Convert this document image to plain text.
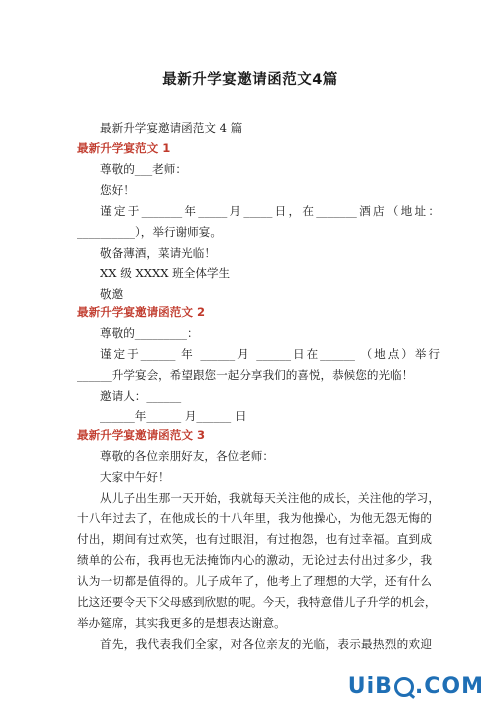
最新升学宴邀请函范文4篇
最新升学宴邀请函范文 4 篇
最新升学宴范文 1
尊敬的___老师：
您好！
谨定于_______年_____月_____日，在_______酒店（地址：
__________），举行谢师宴。
敬备薄酒，菜请光临！
XX 级 XXXX 班全体学生
敬邀
最新升学宴邀请函范文 2
尊敬的_________：
谨定于______ 年 ______月 ______日在______ （地点）举行
______升学宴会，希望跟您一起分享我们的喜悦，恭候您的光临！
邀请人：______
______年______ 月______ 日
最新升学宴邀请函范文 3
尊敬的各位亲朋好友，各位老师：
大家中午好！
从儿子出生那一天开始，我就每天关注他的成长，关注他的学习，
十八年过去了，在他成长的十八年里，我为他操心，为他无怨无悔的
付出，期间有过欢笑，也有过眼泪，有过抱怨，也有过幸福。直到成
绩单的公布，我再也无法掩饰内心的激动，无论过去付出过多少，我
认为一切都是值得的。儿子成年了，他考上了理想的大学，还有什么
比这还要令天下父母感到欣慰的呢。今天，我特意借儿子升学的机会，
举办筵席，其实我更多的是想表达谢意。
首先，我代表我们全家，对各位亲友的光临，表示最热烈的欢迎
UiB .COM
